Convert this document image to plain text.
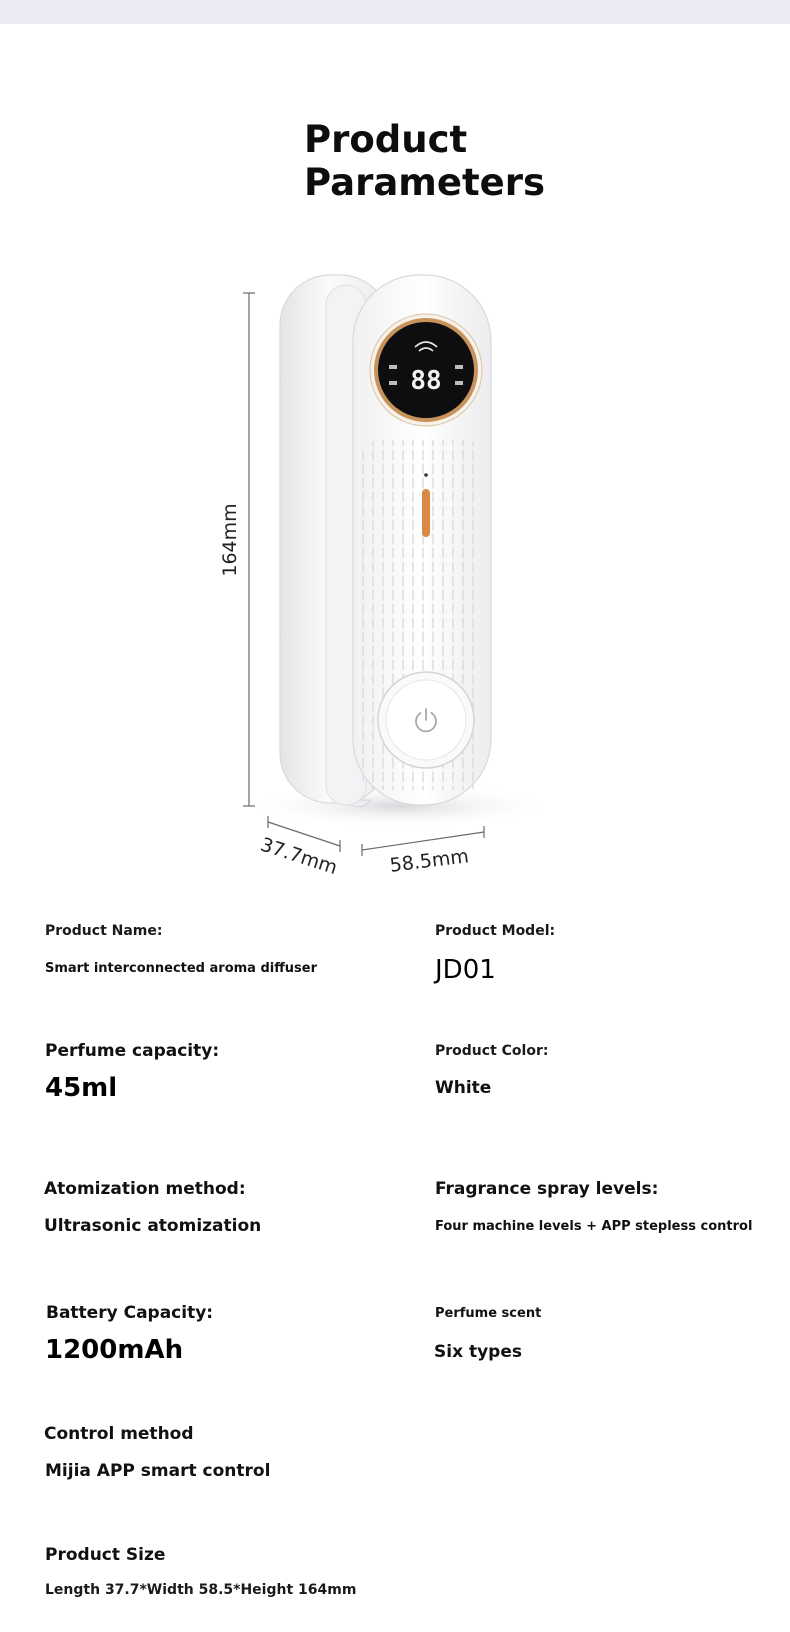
Product
Parameters
88
164mm
37.7mm	58.5mm
Product Name:
Smart interconnected aroma diffuser
Product Model:
JD01
Perfume capacity:
45ml
Product Color:
White
Atomization method:
Ultrasonic atomization
Fragrance spray levels:
Four machine levels + APP stepless control
Battery Capacity:
1200mAh
Perfume scent
Six types
Control method
Mijia APP smart control
Product Size
Length 37.7*Width 58.5*Height 164mm
